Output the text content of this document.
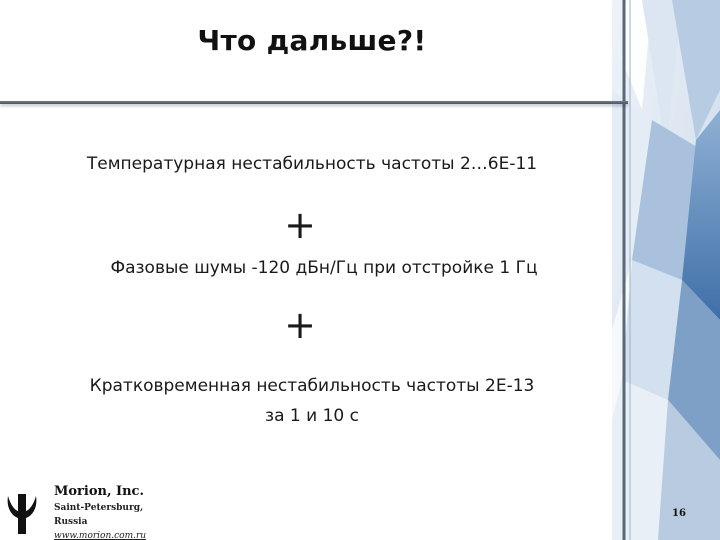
Что дальше?!
Температурная нестабильность частоты 2…6Е-11
+
Фазовые шумы -120 дБн/Гц при отстройке 1 Гц
+
Кратковременная нестабильность частоты 2Е-13
за 1 и 10 с
Morion, Inc.
Saint-Petersburg,
Russia
www.morion.com.ru
16
